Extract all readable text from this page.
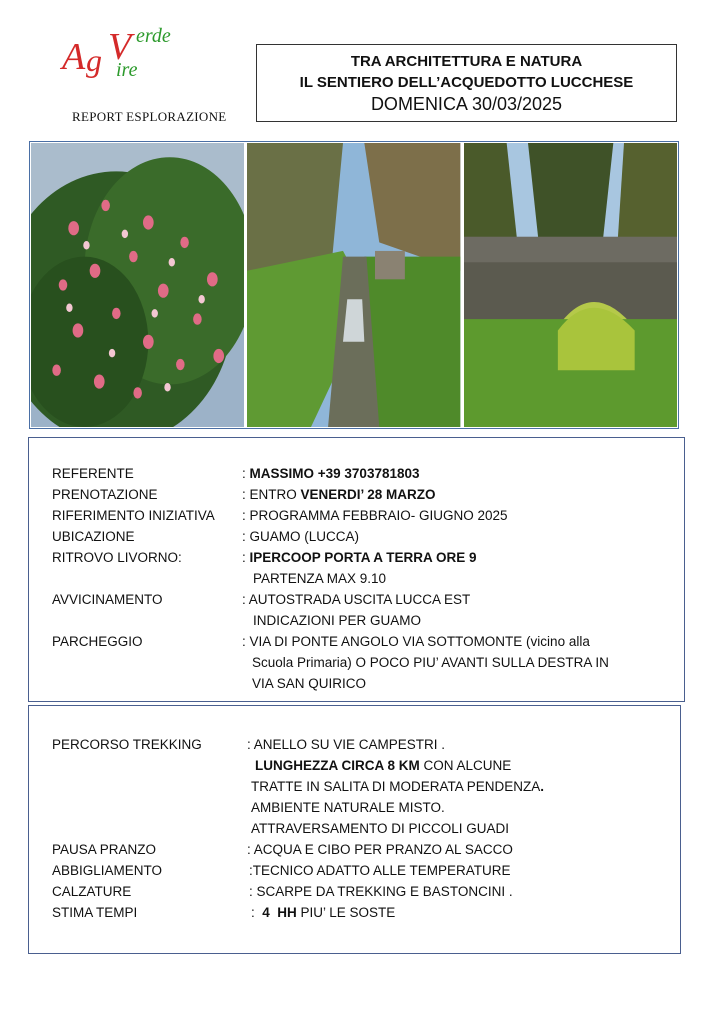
A g V erde
ire
REPORT ESPLORAZIONE
TRA ARCHITETTURA E NATURA
IL SENTIERO DELL’ACQUEDOTTO LUCCHESE
DOMENICA 30/03/2025
REFERENTE	: MASSIMO +39 3703781803
PRENOTAZIONE	: ENTRO VENERDI’ 28 MARZO
RIFERIMENTO INIZIATIVA : PROGRAMMA FEBBRAIO- GIUGNO 2025
UBICAZIONE	: GUAMO (LUCCA)
RITROVO LIVORNO:	: IPERCOOP PORTA A TERRA ORE 9
PARTENZA MAX 9.10
AVVICINAMENTO	: AUTOSTRADA USCITA LUCCA EST
INDICAZIONI PER GUAMO
PARCHEGGIO	: VIA DI PONTE ANGOLO VIA SOTTOMONTE (vicino alla
Scuola Primaria) O POCO PIU’ AVANTI SULLA DESTRA IN
VIA SAN QUIRICO
PERCORSO TREKKING	: ANELLO SU VIE CAMPESTRI .
LUNGHEZZA CIRCA 8 KM CON ALCUNE
TRATTE IN SALITA DI MODERATA PENDENZA.
AMBIENTE NATURALE MISTO.
ATTRAVERSAMENTO DI PICCOLI GUADI
PAUSA PRANZO	: ACQUA E CIBO PER PRANZO AL SACCO
ABBIGLIAMENTO	:TECNICO ADATTO ALLE TEMPERATURE
CALZATURE	: SCARPE DA TREKKING E BASTONCINI .
STIMA TEMPI	:  4  HH PIU’ LE SOSTE
